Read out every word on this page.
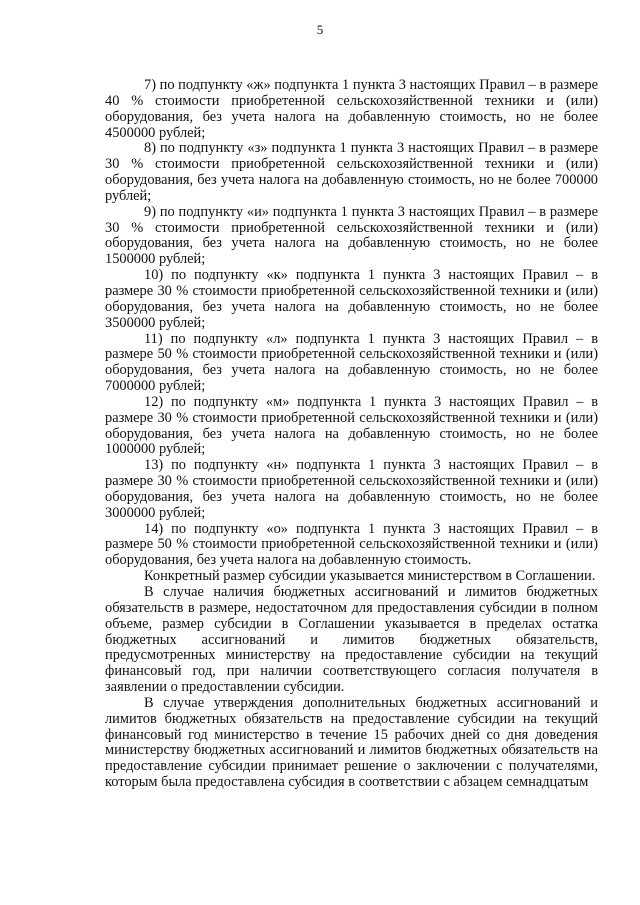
5

7) по подпункту «ж» подпункта 1 пункта 3 настоящих Правил – в размере 40 % стоимости приобретенной сельскохозяйственной техники и (или) оборудования, без учета налога на добавленную стоимость, но не более 4500000 рублей;

8) по подпункту «з» подпункта 1 пункта 3 настоящих Правил – в размере 30 % стоимости приобретенной сельскохозяйственной техники и (или) оборудования, без учета налога на добавленную стоимость, но не более 700000 рублей;

9) по подпункту «и» подпункта 1 пункта 3 настоящих Правил – в размере 30 % стоимости приобретенной сельскохозяйственной техники и (или) оборудования, без учета налога на добавленную стоимость, но не более 1500000 рублей;

10) по подпункту «к» подпункта 1 пункта 3 настоящих Правил – в размере 30 % стоимости приобретенной сельскохозяйственной техники и (или) оборудования, без учета налога на добавленную стоимость, но не более 3500000 рублей;

11) по подпункту «л» подпункта 1 пункта 3 настоящих Правил – в размере 50 % стоимости приобретенной сельскохозяйственной техники и (или) оборудования, без учета налога на добавленную стоимость, но не более 7000000 рублей;

12) по подпункту «м» подпункта 1 пункта 3 настоящих Правил – в размере 30 % стоимости приобретенной сельскохозяйственной техники и (или) оборудования, без учета налога на добавленную стоимость, но не более 1000000 рублей;

13) по подпункту «н» подпункта 1 пункта 3 настоящих Правил – в размере 30 % стоимости приобретенной сельскохозяйственной техники и (или) оборудования, без учета налога на добавленную стоимость, но не более 3000000 рублей;

14) по подпункту «о» подпункта 1 пункта 3 настоящих Правил – в размере 50 % стоимости приобретенной сельскохозяйственной техники и (или) оборудования, без учета налога на добавленную стоимость.

Конкретный размер субсидии указывается министерством в Соглашении.

В случае наличия бюджетных ассигнований и лимитов бюджетных обязательств в размере, недостаточном для предоставления субсидии в полном объеме, размер субсидии в Соглашении указывается в пределах остатка бюджетных ассигнований и лимитов бюджетных обязательств, предусмотренных министерству на предоставление субсидии на текущий финансовый год, при наличии соответствующего согласия получателя в заявлении о предоставлении субсидии.

В случае утверждения дополнительных бюджетных ассигнований и лимитов бюджетных обязательств на предоставление субсидии на текущий финансовый год министерство в течение 15 рабочих дней со дня доведения министерству бюджетных ассигнований и лимитов бюджетных обязательств на предоставление субсидии принимает решение о заключении с получателями, которым была предоставлена субсидия в соответствии с абзацем семнадцатым
